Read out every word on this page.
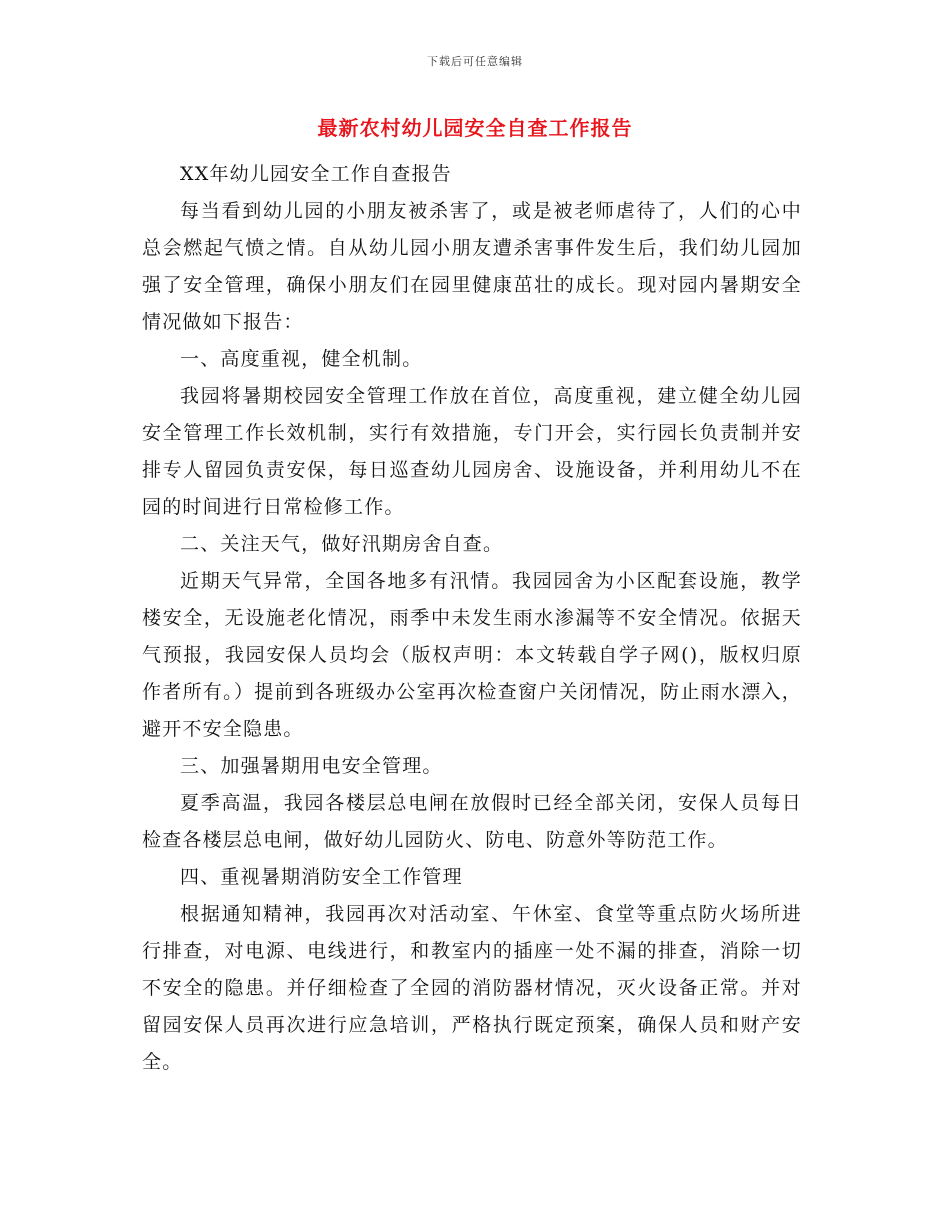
下载后可任意编辑
最新农村幼儿园安全自查工作报告

XX年幼儿园安全工作自查报告

每当看到幼儿园的小朋友被杀害了，或是被老师虐待了，人们的心中总会燃起气愤之情。自从幼儿园小朋友遭杀害事件发生后，我们幼儿园加强了安全管理，确保小朋友们在园里健康茁壮的成长。现对园内暑期安全情况做如下报告：

一、高度重视，健全机制。

我园将暑期校园安全管理工作放在首位，高度重视，建立健全幼儿园安全管理工作长效机制，实行有效措施，专门开会，实行园长负责制并安排专人留园负责安保，每日巡查幼儿园房舍、设施设备，并利用幼儿不在园的时间进行日常检修工作。

二、关注天气，做好汛期房舍自查。

近期天气异常，全国各地多有汛情。我园园舍为小区配套设施，教学楼安全，无设施老化情况，雨季中未发生雨水渗漏等不安全情况。依据天气预报，我园安保人员均会（版权声明：本文转载自学子网()，版权归原作者所有。）提前到各班级办公室再次检查窗户关闭情况，防止雨水漂入，避开不安全隐患。

三、加强暑期用电安全管理。

夏季高温，我园各楼层总电闸在放假时已经全部关闭，安保人员每日检查各楼层总电闸，做好幼儿园防火、防电、防意外等防范工作。

四、重视暑期消防安全工作管理

根据通知精神，我园再次对活动室、午休室、食堂等重点防火场所进行排查，对电源、电线进行，和教室内的插座一处不漏的排查，消除一切不安全的隐患。并仔细检查了全园的消防器材情况，灭火设备正常。并对留园安保人员再次进行应急培训，严格执行既定预案，确保人员和财产安全。
